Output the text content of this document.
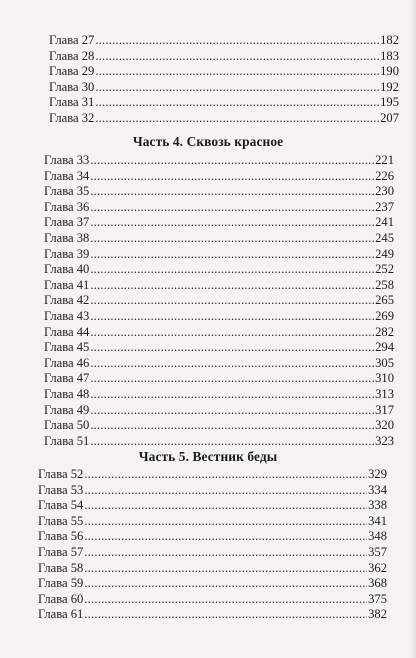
Глава 27 .....	182
Глава 28 .....	183
Глава 29 .....	190
Глава 30 .....	192
Глава 31 .....	195
Глава 32 .....	207
Часть 4. Сквозь красное
Глава 33 .....	221
Глава 34 .....	226
Глава 35 .....	230
Глава 36 .....	237
Глава 37 .....	241
Глава 38 .....	245
Глава 39 .....	249
Глава 40 .....	252
Глава 41 .....	258
Глава 42 .....	265
Глава 43 .....	269
Глава 44 .....	282
Глава 45 .....	294
Глава 46 .....	305
Глава 47 .....	310
Глава 48 .....	313
Глава 49 .....	317
Глава 50 .....	320
Глава 51 .....	323
Часть 5. Вестник беды
Глава 52 .....	329
Глава 53 .....	334
Глава 54 .....	338
Глава 55 .....	341
Глава 56 .....	348
Глава 57 .....	357
Глава 58 .....	362
Глава 59 .....	368
Глава 60 .....	375
Глава 61 .....	382
